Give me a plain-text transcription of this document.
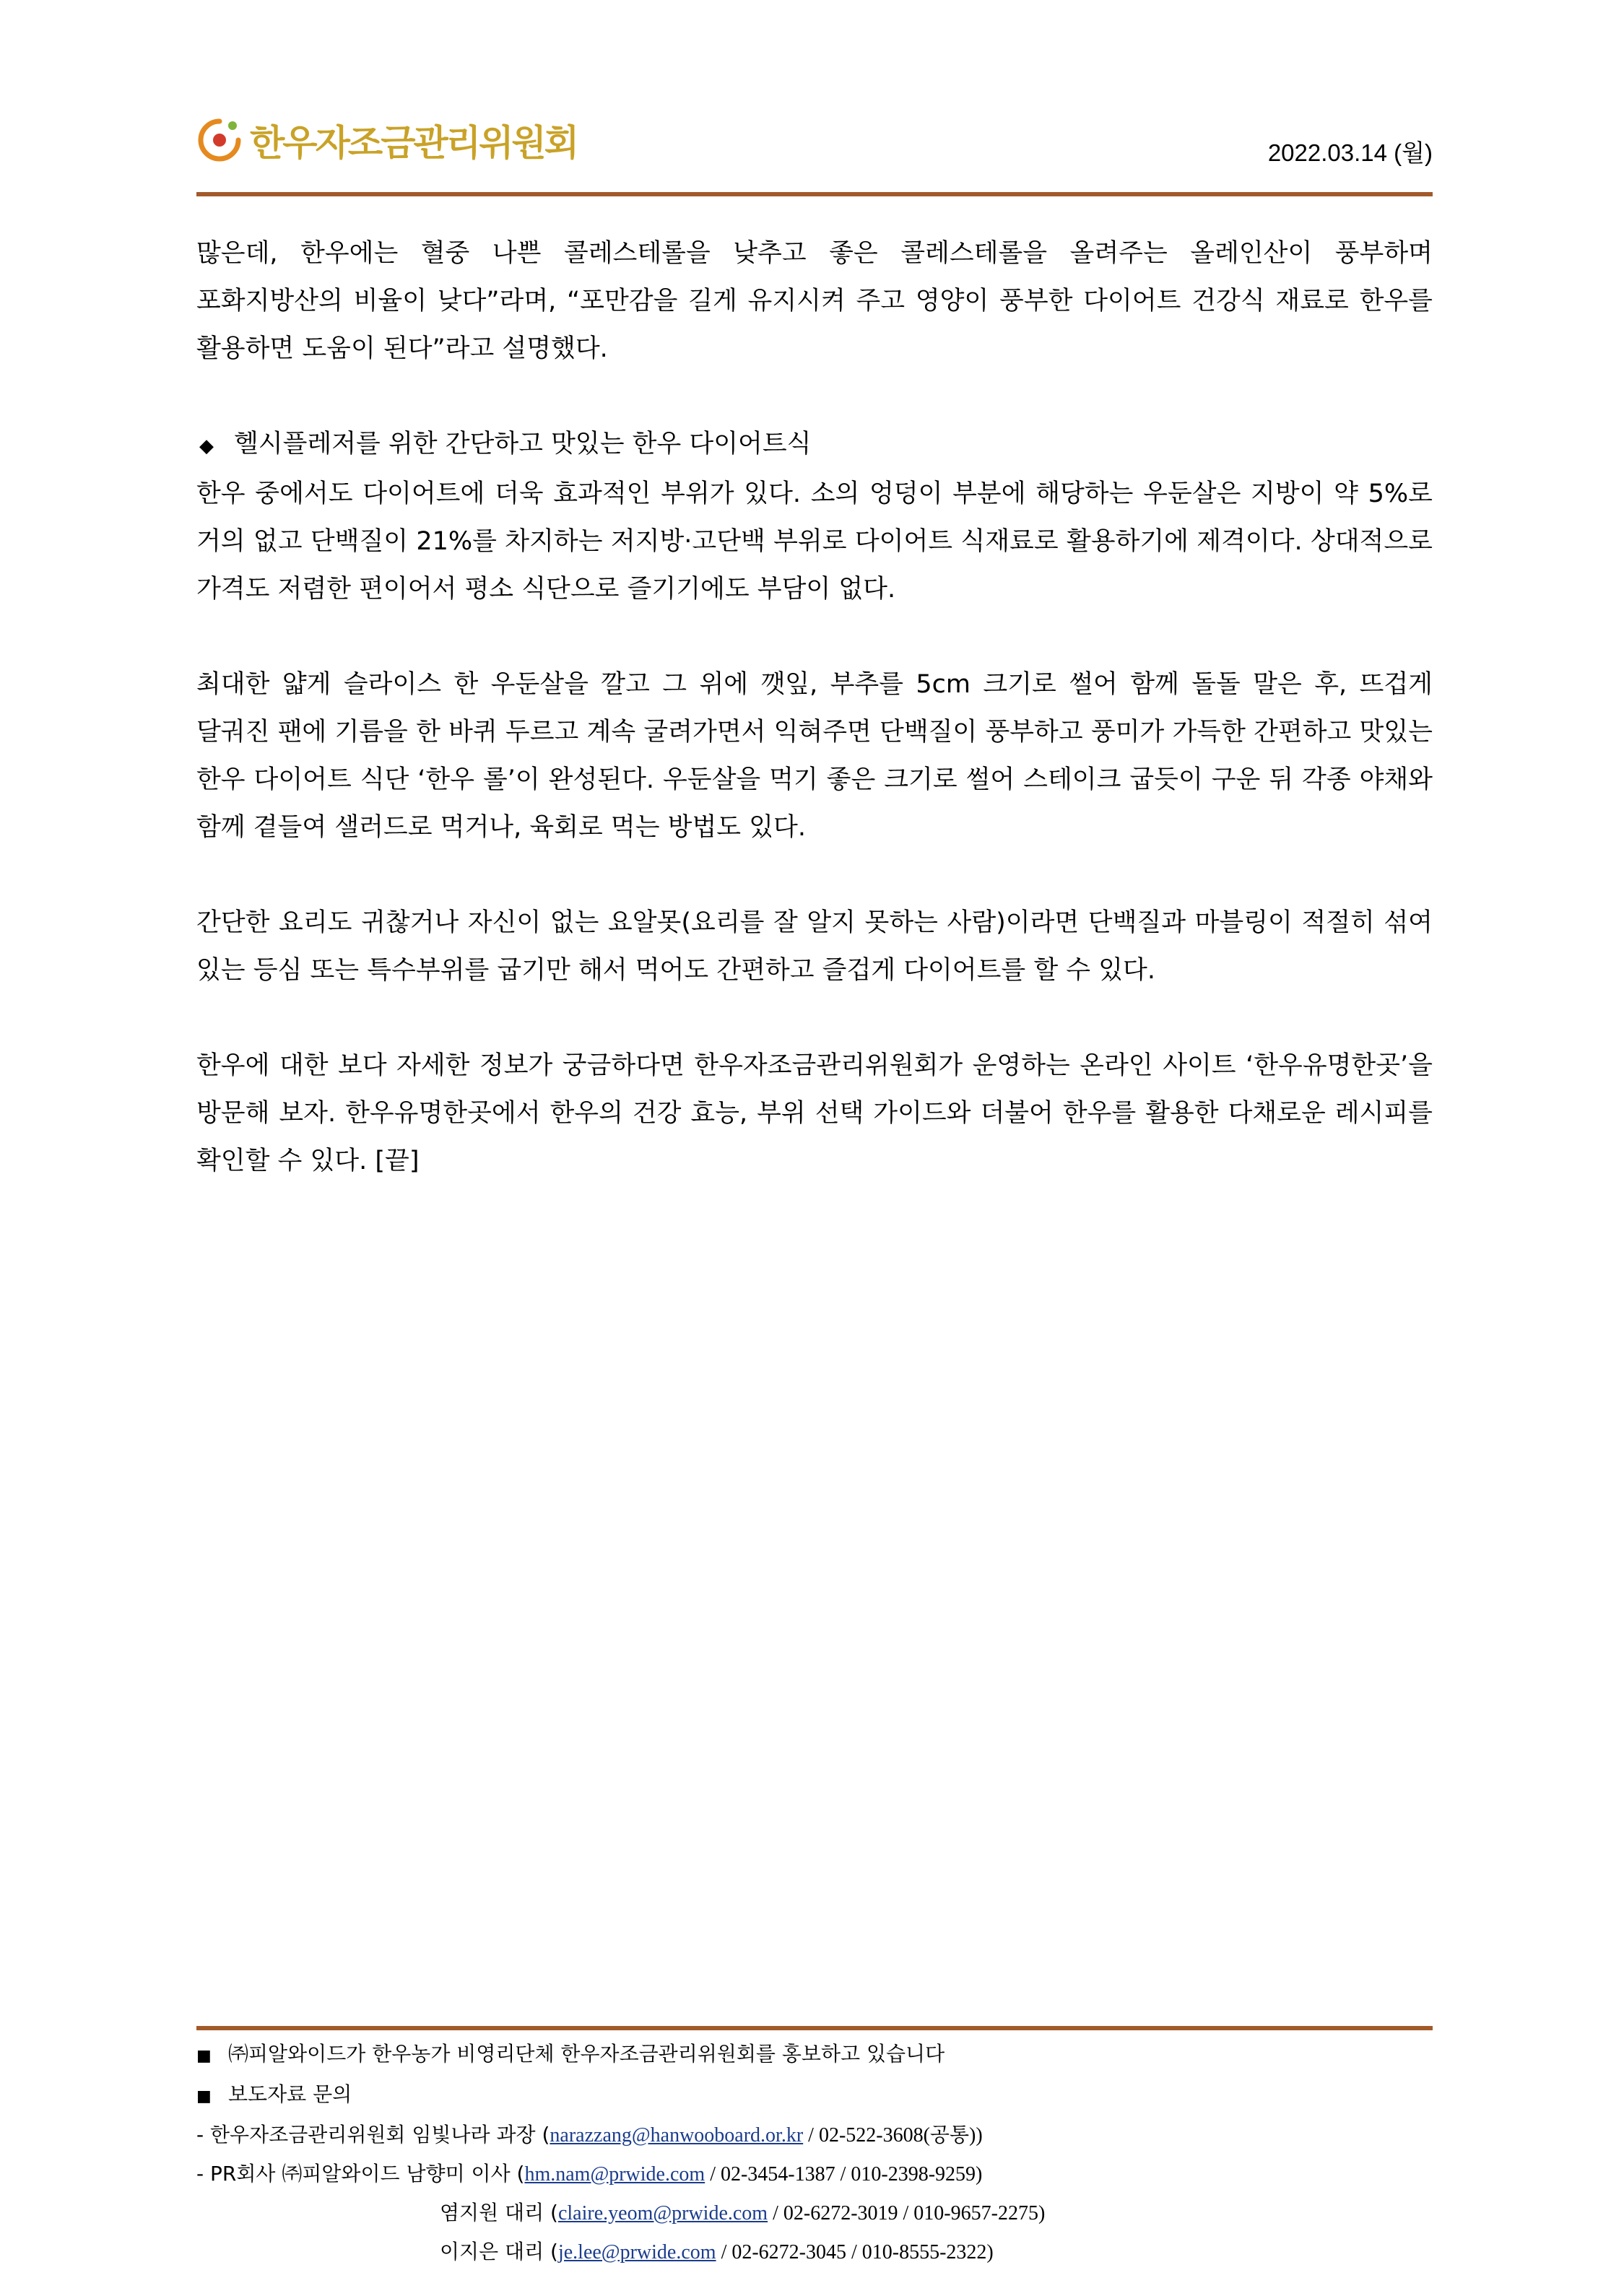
한우자조금관리위원회	2022.03.14 (월)

많은데, 한우에는 혈중 나쁜 콜레스테롤을 낮추고 좋은 콜레스테롤을 올려주는 올레인산이 풍부하며 포화지방산의 비율이 낮다”라며, “포만감을 길게 유지시켜 주고 영양이 풍부한 다이어트 건강식 재료로 한우를 활용하면 도움이 된다”라고 설명했다.

◆ 헬시플레저를 위한 간단하고 맛있는 한우 다이어트식

한우 중에서도 다이어트에 더욱 효과적인 부위가 있다. 소의 엉덩이 부분에 해당하는 우둔살은 지방이 약 5%로 거의 없고 단백질이 21%를 차지하는 저지방·고단백 부위로 다이어트 식재료로 활용하기에 제격이다. 상대적으로 가격도 저렴한 편이어서 평소 식단으로 즐기기에도 부담이 없다.

최대한 얇게 슬라이스 한 우둔살을 깔고 그 위에 깻잎, 부추를 5cm 크기로 썰어 함께 돌돌 말은 후, 뜨겁게 달궈진 팬에 기름을 한 바퀴 두르고 계속 굴려가면서 익혀주면 단백질이 풍부하고 풍미가 가득한 간편하고 맛있는 한우 다이어트 식단 ‘한우 롤’이 완성된다. 우둔살을 먹기 좋은 크기로 썰어 스테이크 굽듯이 구운 뒤 각종 야채와 함께 곁들여 샐러드로 먹거나, 육회로 먹는 방법도 있다.

간단한 요리도 귀찮거나 자신이 없는 요알못(요리를 잘 알지 못하는 사람)이라면 단백질과 마블링이 적절히 섞여 있는 등심 또는 특수부위를 굽기만 해서 먹어도 간편하고 즐겁게 다이어트를 할 수 있다.

한우에 대한 보다 자세한 정보가 궁금하다면 한우자조금관리위원회가 운영하는 온라인 사이트 ‘한우유명한곳’을 방문해 보자. 한우유명한곳에서 한우의 건강 효능, 부위 선택 가이드와 더불어 한우를 활용한 다채로운 레시피를 확인할 수 있다. [끝]

■ ㈜피알와이드가 한우농가 비영리단체 한우자조금관리위원회를 홍보하고 있습니다
■ 보도자료 문의
- 한우자조금관리위원회 임빛나라 과장 (narazzang@hanwooboard.or.kr / 02-522-3608(공통))
- PR회사 ㈜피알와이드 남향미 이사 (hm.nam@prwide.com / 02-3454-1387 / 010-2398-9259)
염지원 대리 (claire.yeom@prwide.com / 02-6272-3019 / 010-9657-2275)
이지은 대리 (je.lee@prwide.com / 02-6272-3045 / 010-8555-2322)
